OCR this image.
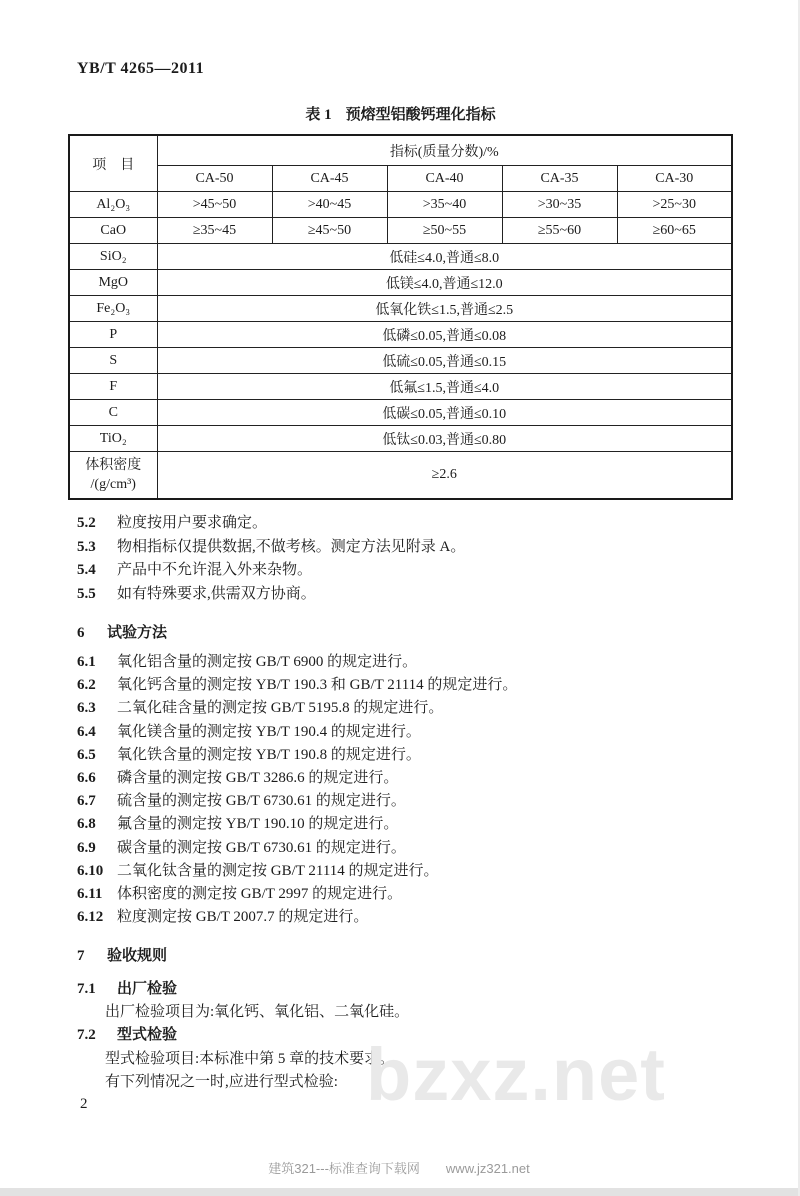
YB/T 4265—2011
表 1 预熔型铝酸钙理化指标
项　目	指标(质量分数)/%				
	CA-50	CA-45	CA-40	CA-35	CA-30
Al₂O₃	>45~50	>40~45	>35~40	>30~35	>25~30
CaO	≥35~45	≥45~50	≥50~55	≥55~60	≥60~65
SiO₂	低硅≤4.0,普通≤8.0				
MgO	低镁≤4.0,普通≤12.0				
Fe₂O₃	低氧化铁≤1.5,普通≤2.5				
P	低磷≤0.05,普通≤0.08				
S	低硫≤0.05,普通≤0.15				
F	低氟≤1.5,普通≤4.0				
C	低碳≤0.05,普通≤0.10				
TiO₂	低钛≤0.03,普通≤0.80				

体积密度
/(g/cm³)	≥2.6				
5.2	粒度按用户要求确定。
5.3	物相指标仅提供数据,不做考核。测定方法见附录 A。
5.4	产品中不允许混入外来杂物。
5.5	如有特殊要求,供需双方协商。
6	试验方法
6.1	氧化铝含量的测定按 GB/T 6900 的规定进行。
6.2	氧化钙含量的测定按 YB/T 190.3 和 GB/T 21114 的规定进行。
6.3	二氧化硅含量的测定按 GB/T 5195.8 的规定进行。
6.4	氧化镁含量的测定按 YB/T 190.4 的规定进行。
6.5	氧化铁含量的测定按 YB/T 190.8 的规定进行。
6.6	磷含量的测定按 GB/T 3286.6 的规定进行。
6.7	硫含量的测定按 GB/T 6730.61 的规定进行。
6.8	氟含量的测定按 YB/T 190.10 的规定进行。
6.9	碳含量的测定按 GB/T 6730.61 的规定进行。
6.10 二氧化钛含量的测定按 GB/T 21114 的规定进行。
6.11 体积密度的测定按 GB/T 2997 的规定进行。
6.12 粒度测定按 GB/T 2007.7 的规定进行。
7	验收规则
7.1	出厂检验
出厂检验项目为:氧化钙、氧化铝、二氧化硅。
7.2	型式检验
型式检验项目:本标准中第 5 章的技术要求。
有下列情况之一时,应进行型式检验:
2	bzxz.net
建筑321---标准查询下载网 www.jz321.net
